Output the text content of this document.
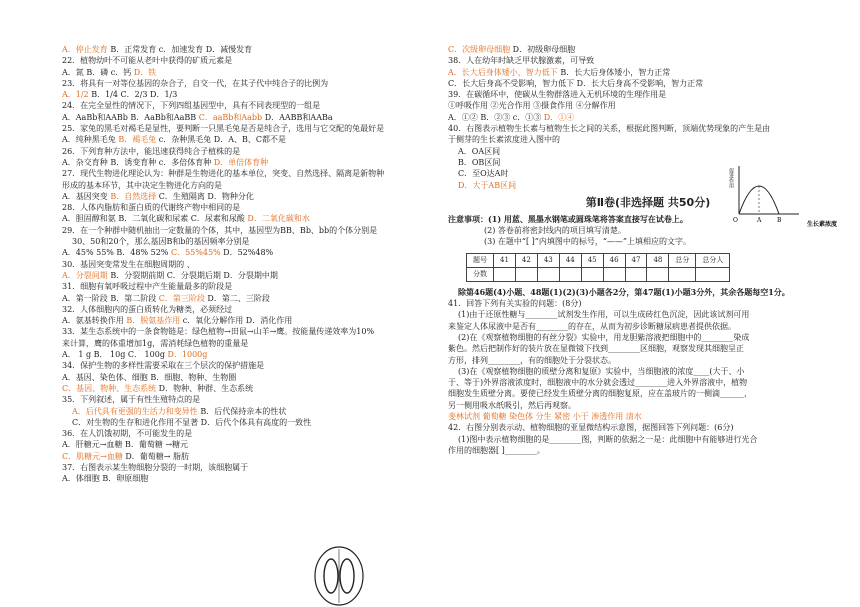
A．停止发育 B．正常发育 c．加速发育 D．减慢发育
22．植物幼叶不可能从老叶中获得的矿质元素是
A．氮 B．磷 c．钙 D．铁
23．将具有一对等位基因的杂合子，自交一代，在其子代中纯合子的比例为
A．1/2 B．1/4 C．2/3 D．1/3
24．在完全显性的情况下，下列四组基因型中，具有不同表现型的一组是
A．AaBb和AABb B．AaBb和AaBB C．aaBb和Aabb D．AABB和AABa
25．家兔的黑毛对褐毛是显性，要判断一只黑毛兔是否是纯合子，选用与它交配的兔最好是
A．纯种黑毛兔 B．褐毛兔 c．杂种黑毛兔 D．A、B、C都不是
26．下列育种方法中，能迅速获得纯合子植株的是
A．杂交育种 B．诱变育种 c．多倍体育种 D．单倍体育种
27．现代生物进化理论认为：种群是生物进化的基本单位，突变、自然选择、隔离是新物种
形成的基本环节，其中决定生物进化方向的是
A．基因突变 B．自然选择 C．生殖隔离 D．物种分化
28．人体内脂肪和蛋白质的代谢终产物中相同的是
A．胆固醇和氨 B．二氧化碳和尿素 C．尿素和尿酸 D．二氧化碳和水
29．在一个种群中随机抽出一定数量的个体，其中，基因型为BB、Bb、bb的个体分别是
30、50和20个，那么基因B和b的基因频率分别是
A．45% 55% B．48% 52% C．55%45% D．52%48%
30．基因突变常发生在细胞周期的 、
A．分裂间期 B．分裂期前期 C．分裂期后期 D．分裂期中期
31．细胞有氧呼吸过程中产生能量最多的阶段是
A．第一阶段 B．第二阶段 C．第三阶段 D．第二、三阶段
32．人体细胞内的蛋白质转化为糖类，必须经过
A．氨基转换作用 B．脱氨基作用 c．氧化分解作用 D．消化作用
33．某生态系统中的一条食物链是：绿色植物→田鼠→山羊→鹰。按能量传递效率为10%
来计算，鹰的体重增加1g，需消耗绿色植物的重量是
A． 1 g B． 10g C． 100g D．1000g
34．保护生物的多样性需要采取在三个层次的保护措施是
A．基因、染色体、细胞 B．细胞、物种、生物圈
C．基因、物种、生态系统 D．物种、种群、生态系统
35．下列叙述，属于有性生殖特点的是
A．后代具有更强的生活力和变异性 B．后代保持亲本的性状
C．对生物的生存和进化作用不显著 D．后代个体具有高度的一致性
36．在人饥饿初期，不可能发生的是
A．肝糖元→血糖 B．葡萄糖 →糖元
C．肌糖元→血糖 D．葡萄糖→ 脂肪
37．右图表示某生物细胞分裂的一时期，该细胞属于
A．体细胞 B．卵原细胞
C．次级卵母细胞 D．初级卵母细胞
38．人在幼年时缺乏甲状腺激素，可导致
A．长大后身体矮小，智力低下 B．长大后身体矮小，智力正常
C．长大后身高不受影响，智力低下 D．长大后身高不受影响，智力正常
39．在碳循环中，使碳从生物群落进入无机环境的生理作用是
①呼吸作用 ②光合作用 ③摄食作用 ④分解作用
A．①② B．②③ c．①③ D．①④
40．右图表示植物生长素与植物生长之间的关系，根据此图判断，顶端优势现象的产生是由
于侧芽的生长素浓度进入图中的
A．OA区间
B．OB区间
C．至O达A时
D．大于AB区间
第Ⅱ卷(非选择题 共50分)
注意事项：(1) 用蓝、黑墨水钢笔或圆珠笔将答案直接写在试卷上。
(2) 答卷前将密封线内的项目填写清楚。
(3) 在题中“[ ]”内填图中的标号，“——”上填相应的文字。
题号	41	42	43	44	45	46	47	48	总分	总分人
分数										
除第46题(4)小题、48题(1)(2)(3)小题各2分，第47题(1)小题3分外，其余各题每空1分。
41．回答下列有关实验的问题：(8分)
(1)由于还原性糖与________试剂发生作用，可以生成砖红色沉淀，因此该试剂可用
来鉴定人体尿液中是否有________的存在，从而为初步诊断糖尿病患者提供依据。
(2)在《观察植物细胞的有丝分裂》实验中，用龙胆紫溶液把细胞中的________染成
紫色。然后把制作好的装片放在显微镜下找到________区细胞，观察发现其细胞呈正
方形，排列________，有的细胞处于分裂状态。
(3)在《观察植物细胞的质壁分离和复原》实验中，当细胞液的浓度____(大于、小
于、等于)外界溶液浓度时，细胞液中的水分就会透过________进入外界溶液中，植物
细胞发生质壁分离。要使已经发生质壁分离的细胞复原，应在盖玻片的一侧滴______，
另一侧用吸水纸吸引，然后再观察。
斐林试剂 葡萄糖 染色体 分生 紧密 小于 渗透作用 清水
42．右图分别表示动、植物细胞的亚显微结构示意图，据图回答下列问题：(6分)
(1)图中表示植物细胞的是________图，判断的依据之一是：此细胞中有能够进行光合
作用的细胞器[ ]________。
O	A	B
促进作用
生长素浓度
